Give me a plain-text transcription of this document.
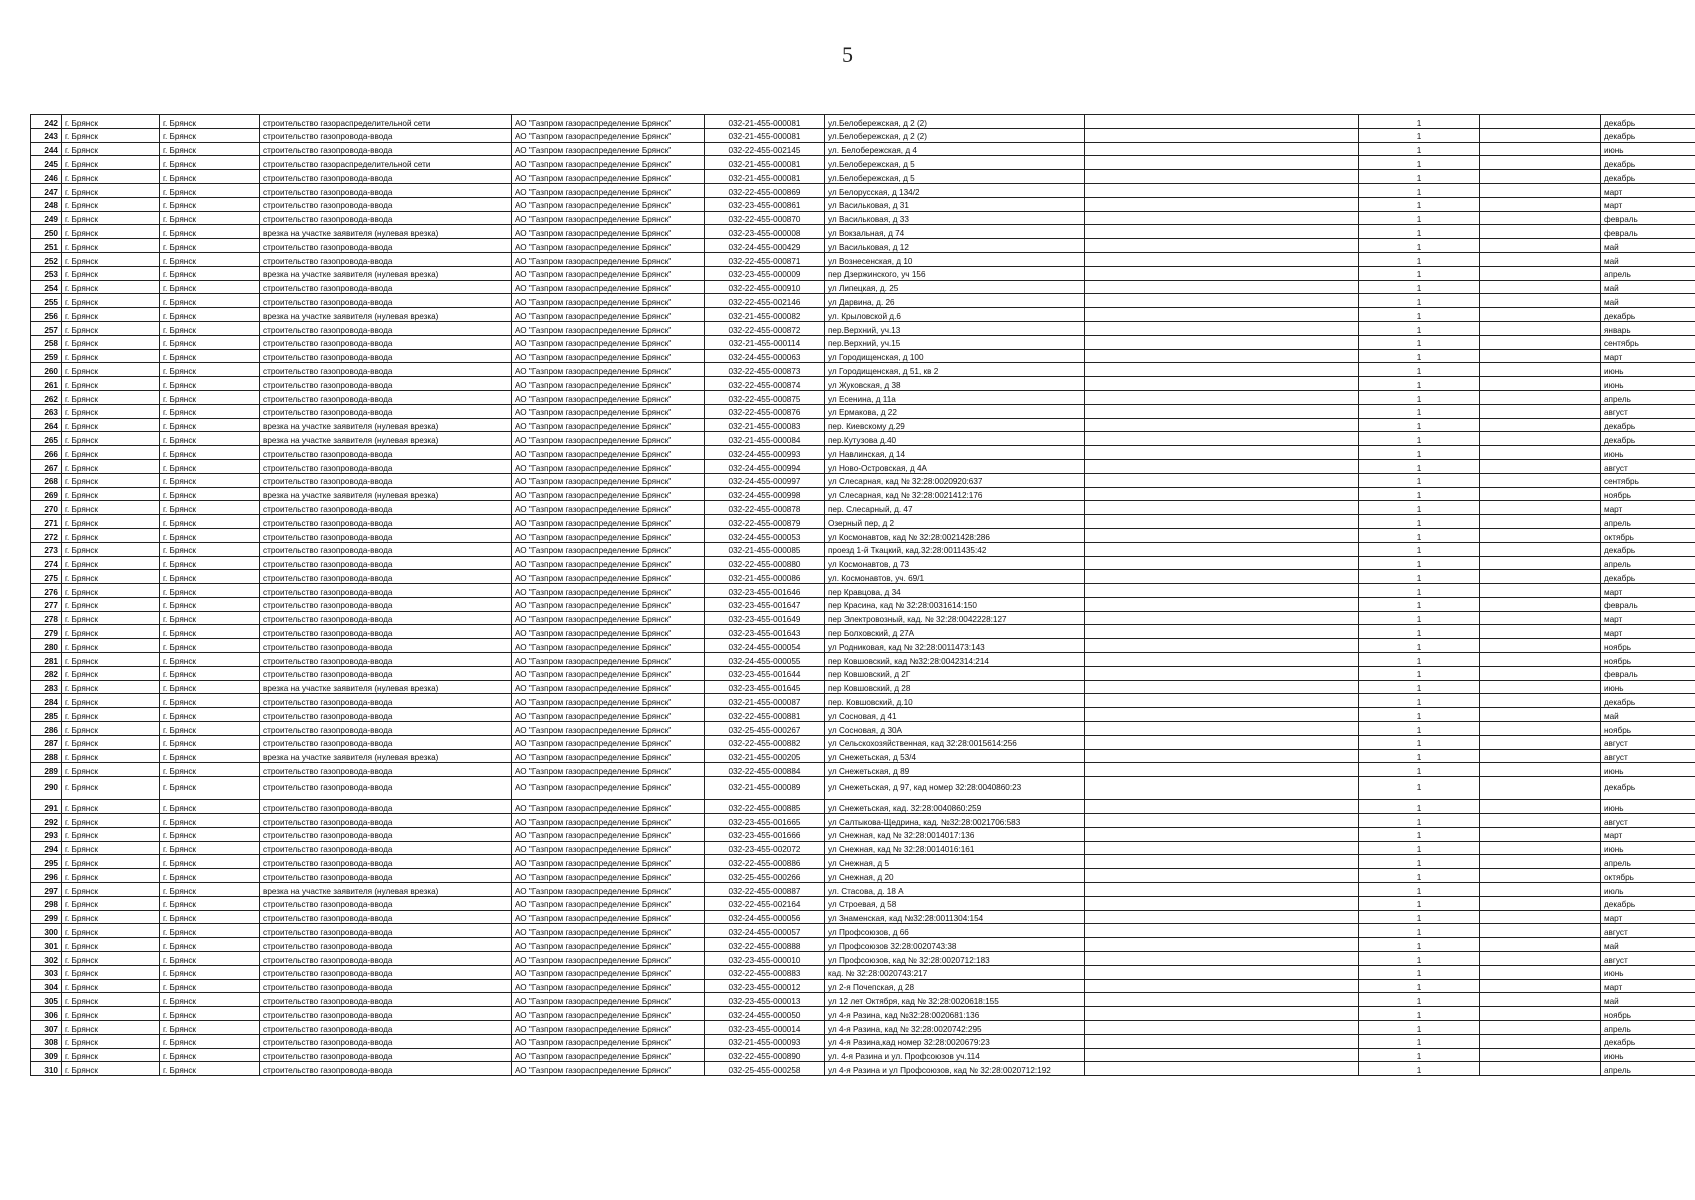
5
242	г. Брянск	г. Брянск	строительство газораспределительной сети	АО "Газпром газораспределение Брянск"	032-21-455-000081	ул.Белобережская, д 2 (2)			1		декабрь	
243	г. Брянск	г. Брянск	строительство газопровода-ввода	АО "Газпром газораспределение Брянск"	032-21-455-000081	ул.Белобережская, д 2 (2)			1		декабрь	
244	г. Брянск	г. Брянск	строительство газопровода-ввода	АО "Газпром газораспределение Брянск"	032-22-455-002145	ул. Белобережская, д 4			1		июнь	
245	г. Брянск	г. Брянск	строительство газораспределительной сети	АО "Газпром газораспределение Брянск"	032-21-455-000081	ул.Белобережская, д 5			1		декабрь	
246	г. Брянск	г. Брянск	строительство газопровода-ввода	АО "Газпром газораспределение Брянск"	032-21-455-000081	ул.Белобережская, д 5			1		декабрь	
247	г. Брянск	г. Брянск	строительство газопровода-ввода	АО "Газпром газораспределение Брянск"	032-22-455-000869	ул Белорусская, д 134/2			1		март	
248	г. Брянск	г. Брянск	строительство газопровода-ввода	АО "Газпром газораспределение Брянск"	032-23-455-000861	ул Васильковая, д 31			1		март	
249	г. Брянск	г. Брянск	строительство газопровода-ввода	АО "Газпром газораспределение Брянск"	032-22-455-000870	ул Васильковая, д 33			1		февраль	
250	г. Брянск	г. Брянск	врезка на участке заявителя (нулевая врезка)	АО "Газпром газораспределение Брянск"	032-23-455-000008	ул Вокзальная, д 74			1		февраль	
251	г. Брянск	г. Брянск	строительство газопровода-ввода	АО "Газпром газораспределение Брянск"	032-24-455-000429	ул Васильковая, д 12			1		май	
252	г. Брянск	г. Брянск	строительство газопровода-ввода	АО "Газпром газораспределение Брянск"	032-22-455-000871	ул Вознесенская, д 10			1		май	
253	г. Брянск	г. Брянск	врезка на участке заявителя (нулевая врезка)	АО "Газпром газораспределение Брянск"	032-23-455-000009	пер Дзержинского, уч 156			1		апрель	
254	г. Брянск	г. Брянск	строительство газопровода-ввода	АО "Газпром газораспределение Брянск"	032-22-455-000910	ул Липецкая, д. 25			1		май	
255	г. Брянск	г. Брянск	строительство газопровода-ввода	АО "Газпром газораспределение Брянск"	032-22-455-002146	ул Дарвина, д. 26			1		май	
256	г. Брянск	г. Брянск	врезка на участке заявителя (нулевая врезка)	АО "Газпром газораспределение Брянск"	032-21-455-000082	ул. Крыловской д.6			1		декабрь	
257	г. Брянск	г. Брянск	строительство газопровода-ввода	АО "Газпром газораспределение Брянск"	032-22-455-000872	пер.Верхний, уч.13			1		январь	
258	г. Брянск	г. Брянск	строительство газопровода-ввода	АО "Газпром газораспределение Брянск"	032-21-455-000114	пер.Верхний, уч.15			1		сентябрь	
259	г. Брянск	г. Брянск	строительство газопровода-ввода	АО "Газпром газораспределение Брянск"	032-24-455-000063	ул Городищенская, д 100			1		март	
260	г. Брянск	г. Брянск	строительство газопровода-ввода	АО "Газпром газораспределение Брянск"	032-22-455-000873	ул Городищенская, д 51, кв 2			1		июнь	
261	г. Брянск	г. Брянск	строительство газопровода-ввода	АО "Газпром газораспределение Брянск"	032-22-455-000874	ул Жуковская, д 38			1		июнь	
262	г. Брянск	г. Брянск	строительство газопровода-ввода	АО "Газпром газораспределение Брянск"	032-22-455-000875	ул Есенина, д 11а			1		апрель	
263	г. Брянск	г. Брянск	строительство газопровода-ввода	АО "Газпром газораспределение Брянск"	032-22-455-000876	ул Ермакова, д 22			1		август	
264	г. Брянск	г. Брянск	врезка на участке заявителя (нулевая врезка)	АО "Газпром газораспределение Брянск"	032-21-455-000083	пер. Киевскому д.29			1		декабрь	
265	г. Брянск	г. Брянск	врезка на участке заявителя (нулевая врезка)	АО "Газпром газораспределение Брянск"	032-21-455-000084	пер.Кутузова д.40			1		декабрь	
266	г. Брянск	г. Брянск	строительство газопровода-ввода	АО "Газпром газораспределение Брянск"	032-24-455-000993	ул Навлинская, д 14			1		июнь	
267	г. Брянск	г. Брянск	строительство газопровода-ввода	АО "Газпром газораспределение Брянск"	032-24-455-000994	ул Ново-Островская, д 4А			1		август	
268	г. Брянск	г. Брянск	строительство газопровода-ввода	АО "Газпром газораспределение Брянск"	032-24-455-000997	ул Слесарная, кад № 32:28:0020920:637			1		сентябрь	
269	г. Брянск	г. Брянск	врезка на участке заявителя (нулевая врезка)	АО "Газпром газораспределение Брянск"	032-24-455-000998	ул Слесарная, кад № 32:28:0021412:176			1		ноябрь	
270	г. Брянск	г. Брянск	строительство газопровода-ввода	АО "Газпром газораспределение Брянск"	032-22-455-000878	пер. Слесарный, д. 47			1		март	
271	г. Брянск	г. Брянск	строительство газопровода-ввода	АО "Газпром газораспределение Брянск"	032-22-455-000879	Озерный пер, д 2			1		апрель	
272	г. Брянск	г. Брянск	строительство газопровода-ввода	АО "Газпром газораспределение Брянск"	032-24-455-000053	ул Космонавтов, кад № 32:28:0021428:286			1		октябрь	
273	г. Брянск	г. Брянск	строительство газопровода-ввода	АО "Газпром газораспределение Брянск"	032-21-455-000085	проезд 1-й Ткацкий, кад.32:28:0011435:42			1		декабрь	
274	г. Брянск	г. Брянск	строительство газопровода-ввода	АО "Газпром газораспределение Брянск"	032-22-455-000880	ул Космонавтов, д 73			1		апрель	
275	г. Брянск	г. Брянск	строительство газопровода-ввода	АО "Газпром газораспределение Брянск"	032-21-455-000086	ул. Космонавтов, уч. 69/1			1		декабрь	
276	г. Брянск	г. Брянск	строительство газопровода-ввода	АО "Газпром газораспределение Брянск"	032-23-455-001646	пер Кравцова, д 34			1		март	
277	г. Брянск	г. Брянск	строительство газопровода-ввода	АО "Газпром газораспределение Брянск"	032-23-455-001647	пер Красина, кад № 32:28:0031614:150			1		февраль	
278	г. Брянск	г. Брянск	строительство газопровода-ввода	АО "Газпром газораспределение Брянск"	032-23-455-001649	пер Электровозный, кад. № 32:28:0042228:127			1		март	
279	г. Брянск	г. Брянск	строительство газопровода-ввода	АО "Газпром газораспределение Брянск"	032-23-455-001643	пер Болховский, д 27А			1		март	
280	г. Брянск	г. Брянск	строительство газопровода-ввода	АО "Газпром газораспределение Брянск"	032-24-455-000054	ул Родниковая, кад № 32:28:0011473:143			1		ноябрь	
281	г. Брянск	г. Брянск	строительство газопровода-ввода	АО "Газпром газораспределение Брянск"	032-24-455-000055	пер Ковшовский, кад №32:28:0042314:214			1		ноябрь	
282	г. Брянск	г. Брянск	строительство газопровода-ввода	АО "Газпром газораспределение Брянск"	032-23-455-001644	пер Ковшовский, д 2Г			1		февраль	
283	г. Брянск	г. Брянск	врезка на участке заявителя (нулевая врезка)	АО "Газпром газораспределение Брянск"	032-23-455-001645	пер Ковшовский, д 28			1		июнь	
284	г. Брянск	г. Брянск	строительство газопровода-ввода	АО "Газпром газораспределение Брянск"	032-21-455-000087	пер. Ковшовский, д.10			1		декабрь	
285	г. Брянск	г. Брянск	строительство газопровода-ввода	АО "Газпром газораспределение Брянск"	032-22-455-000881	ул Сосновая, д 41			1		май	
286	г. Брянск	г. Брянск	строительство газопровода-ввода	АО "Газпром газораспределение Брянск"	032-25-455-000267	ул Сосновая, д 30А			1		ноябрь	
287	г. Брянск	г. Брянск	строительство газопровода-ввода	АО "Газпром газораспределение Брянск"	032-22-455-000882	ул Сельскохозяйственная, кад 32:28:0015614:256			1		август	
288	г. Брянск	г. Брянск	врезка на участке заявителя (нулевая врезка)	АО "Газпром газораспределение Брянск"	032-21-455-000205	ул Снежетьская, д 53/4			1		август	
289	г. Брянск	г. Брянск	строительство газопровода-ввода	АО "Газпром газораспределение Брянск"	032-22-455-000884	ул Снежетьская, д 89			1		июнь	
290	г. Брянск	г. Брянск	строительство газопровода-ввода	АО "Газпром газораспределение Брянск"	032-21-455-000089	ул Снежетьская, д 97, кад номер 32:28:0040860:23			1		декабрь	
291	г. Брянск	г. Брянск	строительство газопровода-ввода	АО "Газпром газораспределение Брянск"	032-22-455-000885	ул Снежетьская, кад. 32:28:0040860:259			1		июнь	
292	г. Брянск	г. Брянск	строительство газопровода-ввода	АО "Газпром газораспределение Брянск"	032-23-455-001665	ул Салтыкова-Щедрина, кад. №32:28:0021706:583			1		август	
293	г. Брянск	г. Брянск	строительство газопровода-ввода	АО "Газпром газораспределение Брянск"	032-23-455-001666	ул Снежная, кад № 32:28:0014017:136			1		март	
294	г. Брянск	г. Брянск	строительство газопровода-ввода	АО "Газпром газораспределение Брянск"	032-23-455-002072	ул Снежная, кад № 32:28:0014016:161			1		июнь	
295	г. Брянск	г. Брянск	строительство газопровода-ввода	АО "Газпром газораспределение Брянск"	032-22-455-000886	ул Снежная, д 5			1		апрель	
296	г. Брянск	г. Брянск	строительство газопровода-ввода	АО "Газпром газораспределение Брянск"	032-25-455-000266	ул Снежная, д 20			1		октябрь	
297	г. Брянск	г. Брянск	врезка на участке заявителя (нулевая врезка)	АО "Газпром газораспределение Брянск"	032-22-455-000887	ул. Стасова, д. 18 А			1		июль	
298	г. Брянск	г. Брянск	строительство газопровода-ввода	АО "Газпром газораспределение Брянск"	032-22-455-002164	ул Строевая, д 58			1		декабрь	
299	г. Брянск	г. Брянск	строительство газопровода-ввода	АО "Газпром газораспределение Брянск"	032-24-455-000056	ул Знаменская, кад №32:28:0011304:154			1		март	
300	г. Брянск	г. Брянск	строительство газопровода-ввода	АО "Газпром газораспределение Брянск"	032-24-455-000057	ул Профсоюзов, д 66			1		август	
301	г. Брянск	г. Брянск	строительство газопровода-ввода	АО "Газпром газораспределение Брянск"	032-22-455-000888	ул Профсоюзов 32:28:0020743:38			1		май	
302	г. Брянск	г. Брянск	строительство газопровода-ввода	АО "Газпром газораспределение Брянск"	032-23-455-000010	ул Профсоюзов, кад № 32:28:0020712:183			1		август	
303	г. Брянск	г. Брянск	строительство газопровода-ввода	АО "Газпром газораспределение Брянск"	032-22-455-000883	кад. № 32:28:0020743:217			1		июнь	
304	г. Брянск	г. Брянск	строительство газопровода-ввода	АО "Газпром газораспределение Брянск"	032-23-455-000012	ул 2-я Почепская, д 28			1		март	
305	г. Брянск	г. Брянск	строительство газопровода-ввода	АО "Газпром газораспределение Брянск"	032-23-455-000013	ул 12 лет Октября, кад № 32:28:0020618:155			1		май	
306	г. Брянск	г. Брянск	строительство газопровода-ввода	АО "Газпром газораспределение Брянск"	032-24-455-000050	ул 4-я Разина, кад №32:28:0020681:136			1		ноябрь	
307	г. Брянск	г. Брянск	строительство газопровода-ввода	АО "Газпром газораспределение Брянск"	032-23-455-000014	ул 4-я Разина, кад № 32:28:0020742:295			1		апрель	
308	г. Брянск	г. Брянск	строительство газопровода-ввода	АО "Газпром газораспределение Брянск"	032-21-455-000093	ул 4-я Разина,кад номер 32:28:0020679:23			1		декабрь	
309	г. Брянск	г. Брянск	строительство газопровода-ввода	АО "Газпром газораспределение Брянск"	032-22-455-000890	ул. 4-я Разина и ул. Профсоюзов уч.114			1		июнь	
310	г. Брянск	г. Брянск	строительство газопровода-ввода	АО "Газпром газораспределение Брянск"	032-25-455-000258	ул 4-я Разина и ул Профсоюзов, кад № 32:28:0020712:192			1		апрель	
